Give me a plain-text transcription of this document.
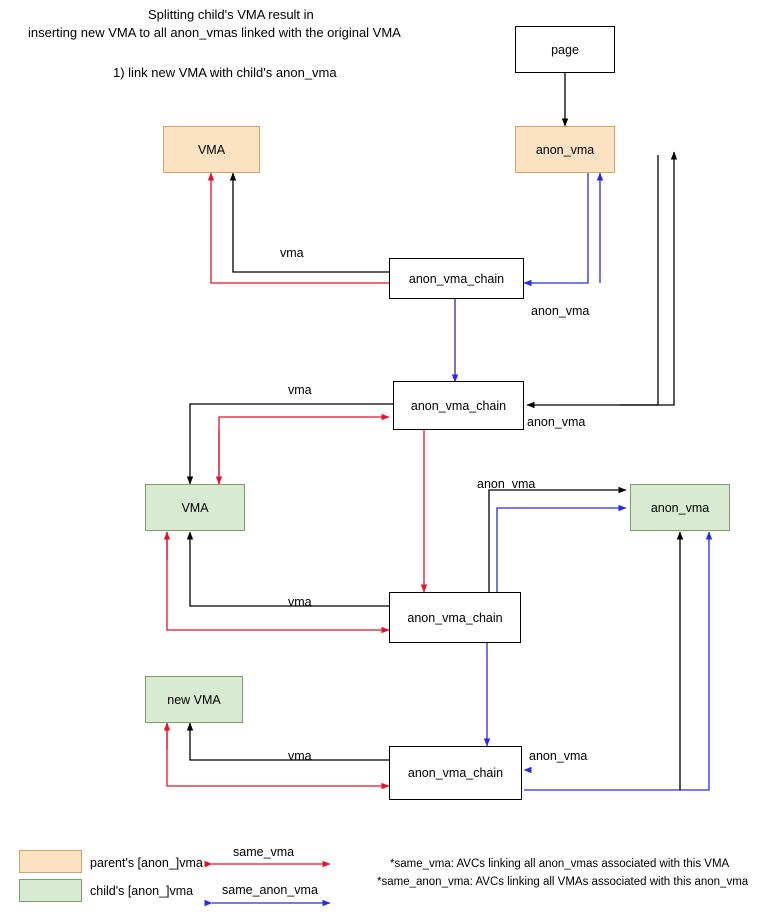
Splitting child's VMA result in
inserting new VMA to all anon_vmas linked with the original VMA
1) link new VMA with child's anon_vma
page
VMA	anon_vma
anon_vma_chain
anon_vma_chain
VMA	anon_vma
anon_vma_chain
new VMA
anon_vma_chain
vma
anon_vma
vma
anon_vma
anon_vma
vma
vma	anon_vma
parent's [anon_]vma
child's [anon_]vma
same_vma
same_anon_vma
*same_vma: AVCs linking all anon_vmas associated with this VMA
*same_anon_vma: AVCs linking all VMAs associated with this anon_vma
